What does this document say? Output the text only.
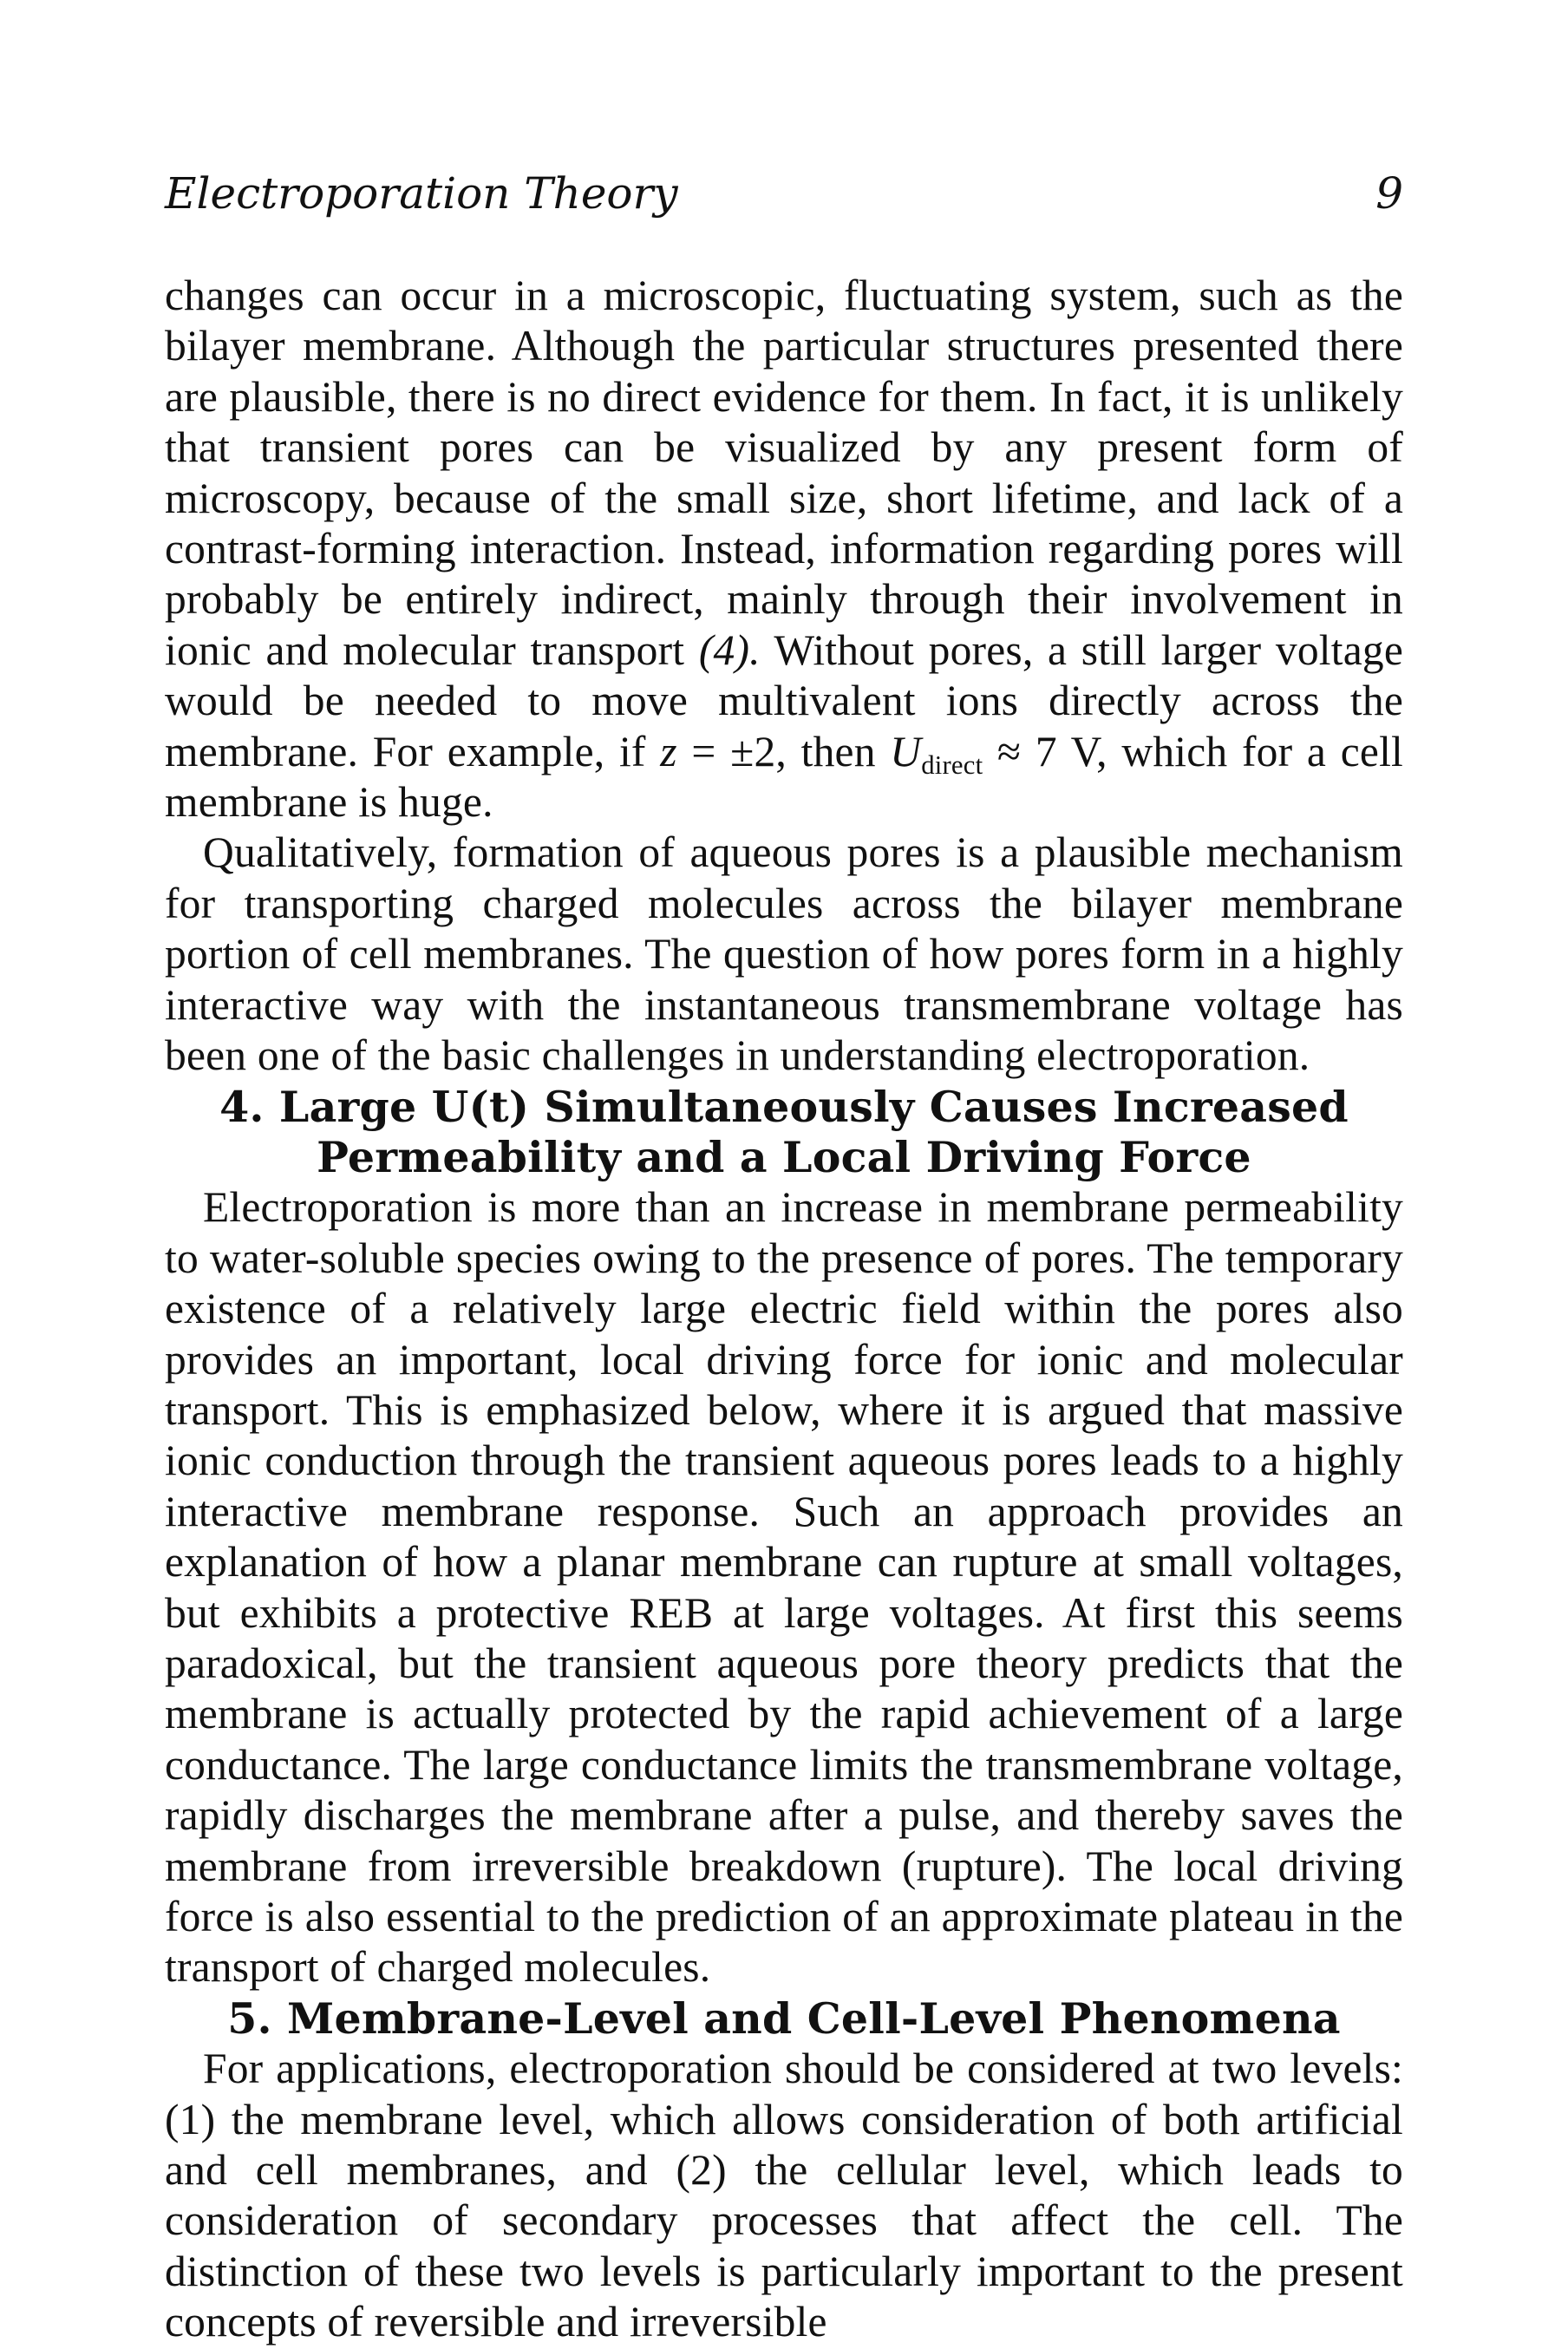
Electroporation Theory	9

changes can occur in a microscopic, fluctuating system, such as the bilayer membrane. Although the particular structures presented there are plausible, there is no direct evidence for them. In fact, it is unlikely that transient pores can be visualized by any present form of microscopy, because of the small size, short lifetime, and lack of a contrast-forming interaction. Instead, information regarding pores will probably be entirely indirect, mainly through their involvement in ionic and molecular transport (4). Without pores, a still larger voltage would be needed to move multivalent ions directly across the membrane. For example, if z = ±2, then $U_{direct} \approx 7$ V, which for a cell membrane is huge.

Qualitatively, formation of aqueous pores is a plausible mechanism for transporting charged molecules across the bilayer membrane portion of cell membranes. The question of how pores form in a highly interactive way with the instantaneous transmembrane voltage has been one of the basic challenges in understanding electroporation.

4. Large U(t) Simultaneously Causes Increased
Permeability and a Local Driving Force

Electroporation is more than an increase in membrane permeability to water-soluble species owing to the presence of pores. The temporary existence of a relatively large electric field within the pores also provides an important, local driving force for ionic and molecular transport. This is emphasized below, where it is argued that massive ionic conduction through the transient aqueous pores leads to a highly interactive membrane response. Such an approach provides an explanation of how a planar membrane can rupture at small voltages, but exhibits a protective REB at large voltages. At first this seems paradoxical, but the transient aqueous pore theory predicts that the membrane is actually protected by the rapid achievement of a large conductance. The large conductance limits the transmembrane voltage, rapidly discharges the membrane after a pulse, and thereby saves the membrane from irreversible breakdown (rupture). The local driving force is also essential to the prediction of an approximate plateau in the transport of charged molecules.

5. Membrane-Level and Cell-Level Phenomena

For applications, electroporation should be considered at two levels: (1) the membrane level, which allows consideration of both artificial and cell membranes, and (2) the cellular level, which leads to consideration of secondary processes that affect the cell. The distinction of these two levels is particularly important to the present concepts of reversible and irreversible
